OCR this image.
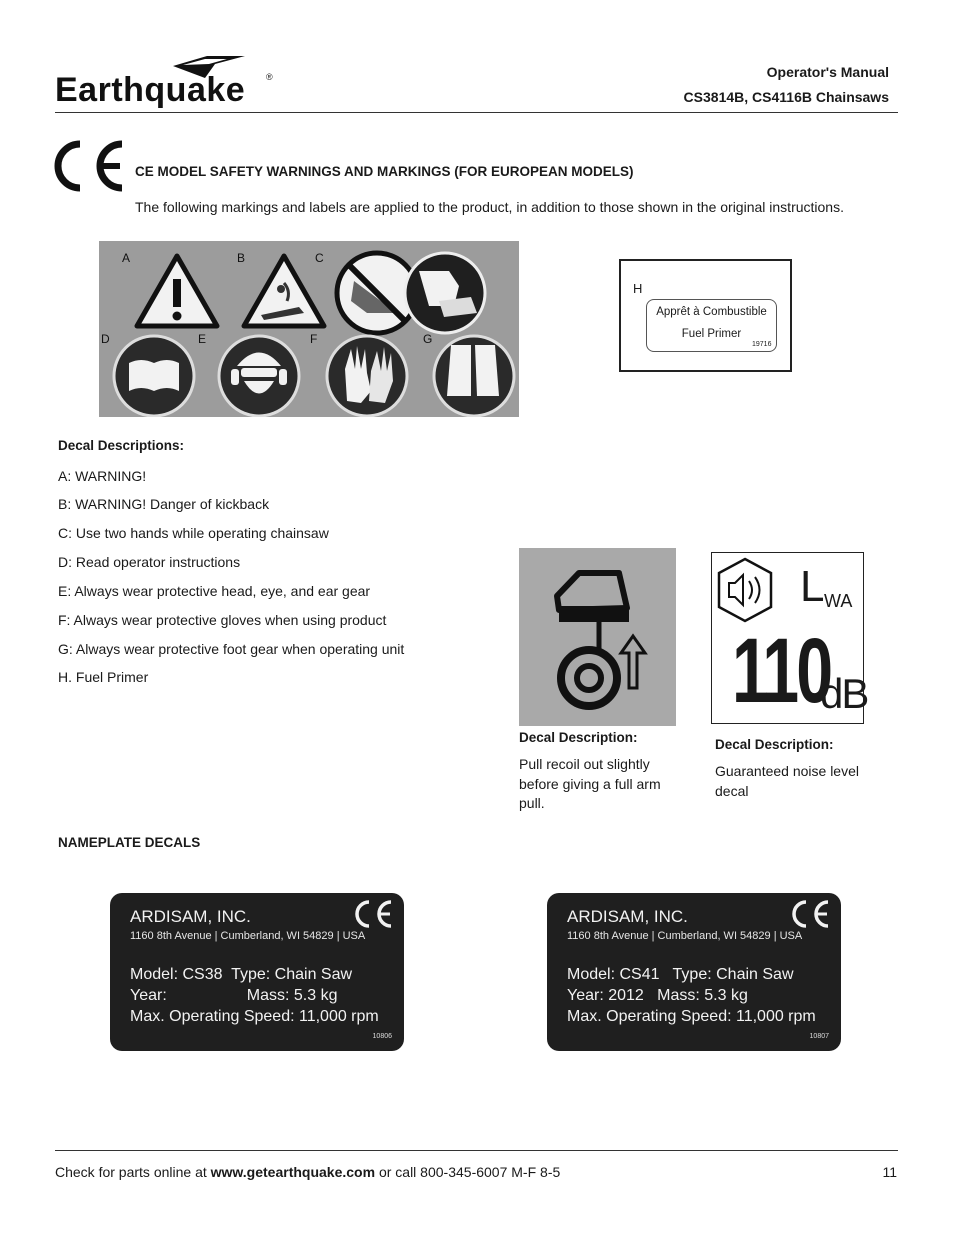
Earthquake ®	Operator's Manual
CS3814B, CS4116B Chainsaws
CE MODEL SAFETY WARNINGS AND MARKINGS (FOR EUROPEAN MODELS)
The following markings and labels are applied to the product, in addition to those shown in the original instructions.
A	B	C
D	E	F	G
H
Apprêt à Combustible
Fuel Primer
19716
Decal Descriptions:
A: WARNING!
B: WARNING! Danger of kickback
C: Use two hands while operating chainsaw
D: Read operator instructions
E: Always wear protective head, eye, and ear gear
F: Always wear protective gloves when using product
G: Always wear protective foot gear when operating unit
H. Fuel Primer
Decal Description:
Pull recoil out slightly before giving a full arm pull.
L WA
110
dB
Decal Description:
Guaranteed noise level decal
NAMEPLATE DECALS
ARDISAM, INC.
1160 8th Avenue | Cumberland, WI 54829 | USA
Model: CS38  Type: Chain Saw
Year:                  Mass: 5.3 kg
Max. Operating Speed: 11,000 rpm
10806
ARDISAM, INC.
1160 8th Avenue | Cumberland, WI 54829 | USA
Model: CS41   Type: Chain Saw
Year: 2012   Mass: 5.3 kg
Max. Operating Speed: 11,000 rpm
10807
Check for parts online at www.getearthquake.com or call 800-345-6007 M-F 8-5	11
